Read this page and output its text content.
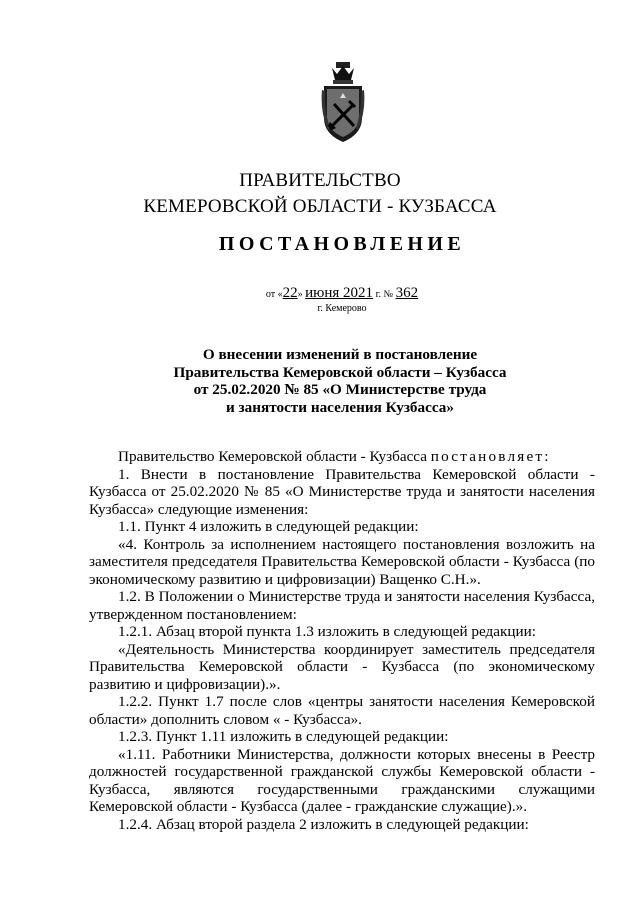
ПРАВИТЕЛЬСТВО
КЕМЕРОВСКОЙ ОБЛАСТИ - КУЗБАССА
ПОСТАНОВЛЕНИЕ
от «22» июня 2021 г. № 362
г. Кемерово
О внесении изменений в постановление
Правительства Кемеровской области – Кузбасса
от 25.02.2020 № 85 «О Министерстве труда
и занятости населения Кузбасса»

Правительство Кемеровской области - Кузбасса постановляет:

1. Внести в постановление Правительства Кемеровской области - Кузбасса от 25.02.2020 № 85 «О Министерстве труда и занятости населения Кузбасса» следующие изменения:

1.1. Пункт 4 изложить в следующей редакции:

«4. Контроль за исполнением настоящего постановления возложить на заместителя председателя Правительства Кемеровской области - Кузбасса (по экономическому развитию и цифровизации) Ващенко С.Н.».

1.2. В Положении о Министерстве труда и занятости населения Кузбасса, утвержденном постановлением:

1.2.1. Абзац второй пункта 1.3 изложить в следующей редакции:

«Деятельность Министерства координирует заместитель председателя Правительства Кемеровской области - Кузбасса (по экономическому развитию и цифровизации).».

1.2.2. Пункт 1.7 после слов «центры занятости населения Кемеровской области» дополнить словом « - Кузбасса».

1.2.3. Пункт 1.11 изложить в следующей редакции:

«1.11. Работники Министерства, должности которых внесены в Реестр должностей государственной гражданской службы Кемеровской области - Кузбасса, являются государственными гражданскими служащими Кемеровской области - Кузбасса (далее - гражданские служащие).».

1.2.4. Абзац второй раздела 2 изложить в следующей редакции:
